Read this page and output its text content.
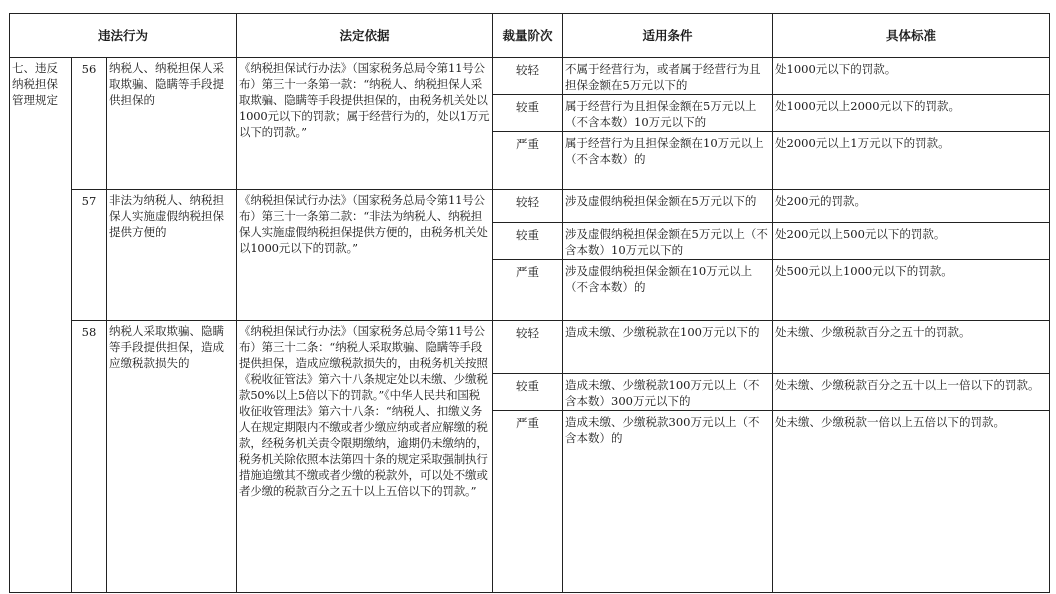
违法行为			法定依据	裁量阶次	适用条件	具体标准
七、违反纳税担保管理规定	56	纳税人、纳税担保人采取欺骗、隐瞒等手段提供担保的	《纳税担保试行办法》（国家税务总局令第11号公布）第三十一条第一款：“纳税人、纳税担保人采取欺骗、隐瞒等手段提供担保的，由税务机关处以1000元以下的罚款；属于经营行为的，处以1万元以下的罚款。”	较轻	不属于经营行为，或者属于经营行为且担保金额在5万元以下的	处1000元以下的罚款。
				较重	属于经营行为且担保金额在5万元以上（不含本数）10万元以下的	处1000元以上2000元以下的罚款。
				严重	属于经营行为且担保金额在10万元以上（不含本数）的	处2000元以上1万元以下的罚款。
	57	非法为纳税人、纳税担保人实施虚假纳税担保提供方便的	《纳税担保试行办法》（国家税务总局令第11号公布）第三十一条第二款：“非法为纳税人、纳税担保人实施虚假纳税担保提供方便的，由税务机关处以1000元以下的罚款。”	较轻	涉及虚假纳税担保金额在5万元以下的	处200元的罚款。
				较重	涉及虚假纳税担保金额在5万元以上（不含本数）10万元以下的	处200元以上500元以下的罚款。
				严重	涉及虚假纳税担保金额在10万元以上（不含本数）的	处500元以上1000元以下的罚款。
	58	纳税人采取欺骗、隐瞒等手段提供担保，造成应缴税款损失的	《纳税担保试行办法》（国家税务总局令第11号公布）第三十二条：“纳税人采取欺骗、隐瞒等手段提供担保，造成应缴税款损失的，由税务机关按照《税收征管法》第六十八条规定处以未缴、少缴税款50%以上5倍以下的罚款。”《中华人民共和国税收征收管理法》第六十八条：“纳税人、扣缴义务人在规定期限内不缴或者少缴应纳或者应解缴的税款，经税务机关责令限期缴纳，逾期仍未缴纳的，税务机关除依照本法第四十条的规定采取强制执行措施追缴其不缴或者少缴的税款外，可以处不缴或者少缴的税款百分之五十以上五倍以下的罚款。”	较轻	造成未缴、少缴税款在100万元以下的	处未缴、少缴税款百分之五十的罚款。
				较重	造成未缴、少缴税款100万元以上（不含本数）300万元以下的	处未缴、少缴税款百分之五十以上一倍以下的罚款。
				严重	造成未缴、少缴税款300万元以上（不含本数）的	处未缴、少缴税款一倍以上五倍以下的罚款。
